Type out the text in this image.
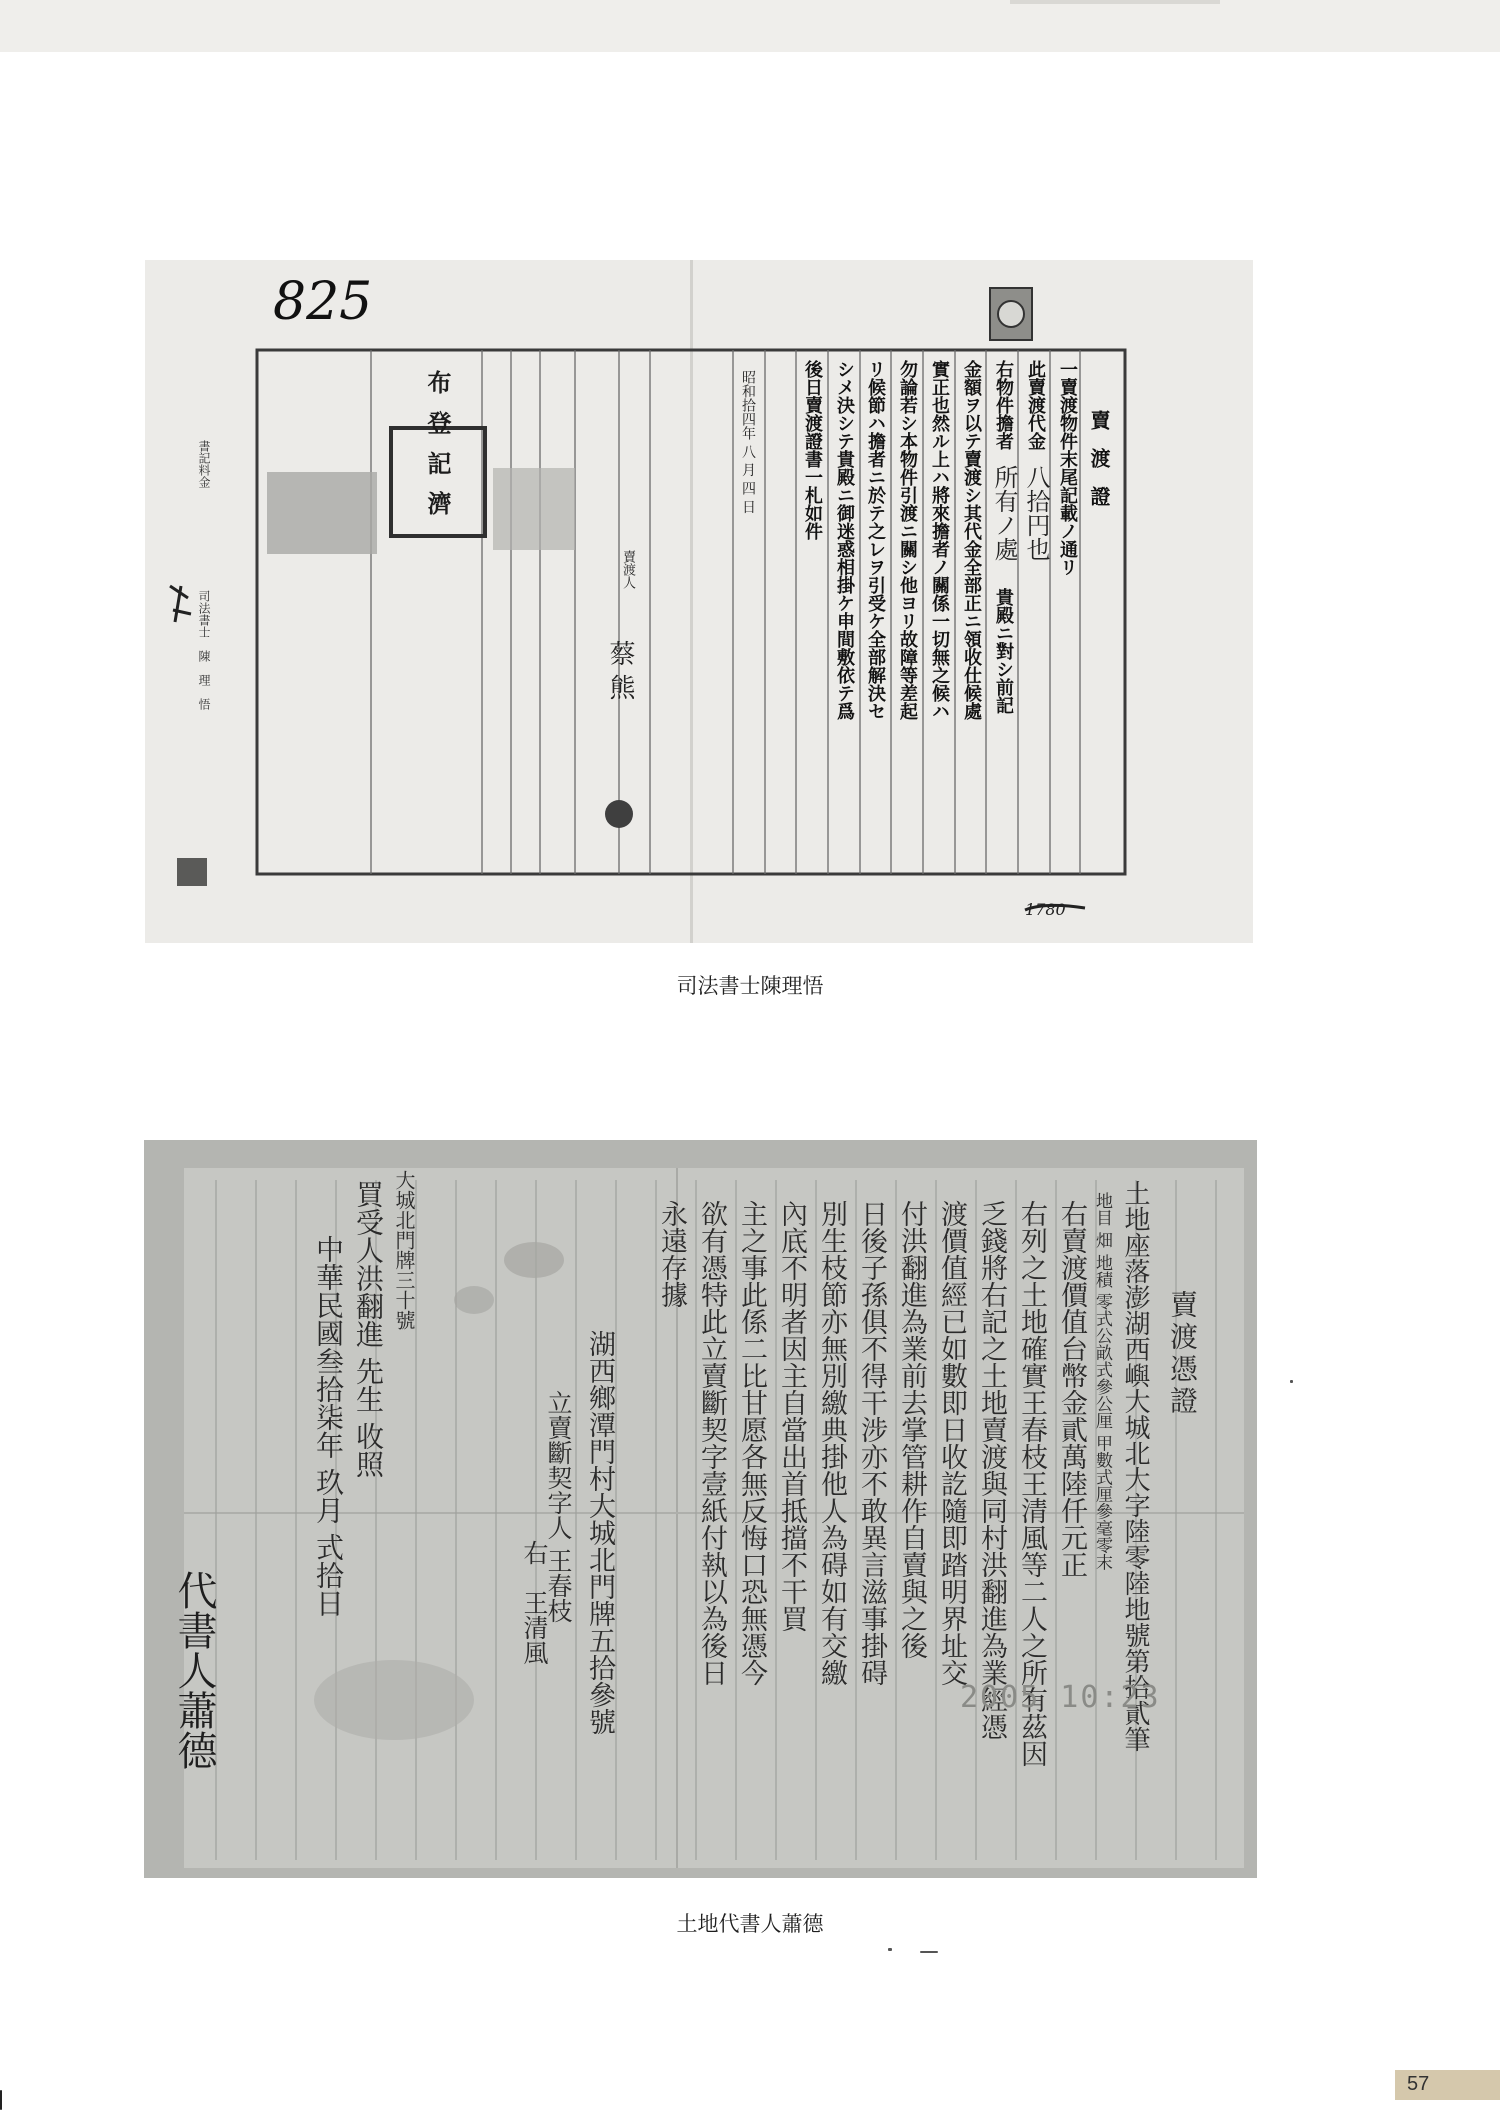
825
賣渡證
一賣渡物件末尾記載ノ通リ
此賣渡代金
八拾円也
右物件擔者
所有ノ處
貴殿ニ對シ前記
金額ヲ以テ賣渡シ其代金全部正ニ領收仕候處
實正也然ル上ハ將來擔者ノ關係一切無之候ハ
勿論若シ本物件引渡ニ關シ他ヨリ故障等差起
リ候節ハ擔者ニ於テ之レヲ引受ケ全部解決セ
シメ決シテ貴殿ニ御迷惑相掛ケ申間敷依テ爲
後日賣渡證書一札如件
昭和拾四年 八 月 四 日
賣渡人
蔡 熊
司法書士　陳　理　悟
書記料金	布 登 記 濟
1780
司法書士陳理悟
賣渡憑證
土地座落澎湖西嶼大城北大字陸零陸地號第拾貳筆
地目 畑 地積 零式公畝式參公厘 甲數式厘參毫零末
右賣渡價值台幣金貳萬陸仟元正
右列之土地確實王春枝王清風等二人之所有茲因
乏錢將右記之土地賣渡與同村洪翻進為業經憑
渡價值經已如數即日收訖隨即踏明界址交
付洪翻進為業前去掌管耕作自賣與之後
日後子孫俱不得干涉亦不敢異言滋事掛碍
別生枝節亦無別繳典掛他人為碍如有交繳
內底不明者因主自當出首抵擋不干買
主之事此係二比甘愿各無反悔口恐無憑今
欲有憑特此立賣斷契字壹紙付執以為後日
永遠存據
湖西鄉潭門村大城北門牌五拾參號
立賣斷契字人 王春枝
右　王清風
大城北門牌三十號
買受人洪翻進 先生 收照
中華民國叁拾柒年 玖月 式拾日
代書人蕭德	2005 10:23
土地代書人蕭德
57
